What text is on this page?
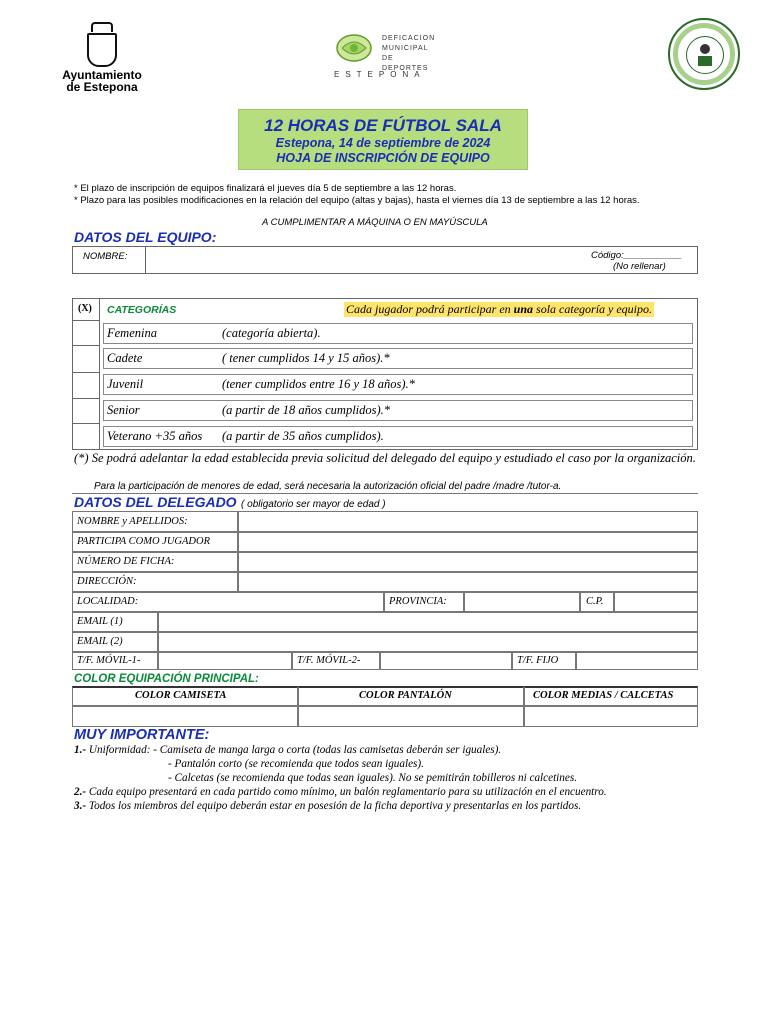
Ayuntamiento
de Estepona
DEFICACION
MUNICIPAL
DE DEPORTES
ESTEPONA
12 HORAS DE FÚTBOL SALA
Estepona, 14 de septiembre de 2024
HOJA DE INSCRIPCIÓN DE EQUIPO
* El plazo de inscripción de equipos finalizará el jueves día 5 de septiembre a las 12 horas.
* Plazo para las posibles modificaciones en la relación del equipo (altas y bajas), hasta el viernes día 13 de septiembre a las 12 horas.
A CUMPLIMENTAR A MÁQUINA O EN MAYÚSCULA
DATOS DEL EQUIPO:
NOMBRE:	Código:___________
(No rellenar)
(X) CATEGORÍAS	Cada jugador podrá participar en una sola categoría y equipo.
Femenina	(categoría abierta).
Cadete	( tener cumplidos 14 y 15 años).*
Juvenil	(tener cumplidos entre 16 y 18 años).*
Senior	(a partir de 18 años cumplidos).*
Veterano +35 años (a partir de 35 años cumplidos).
(*) Se podrá adelantar la edad establecida previa solicitud del delegado del equipo y estudiado el caso por la organización.
Para la participación de menores de edad, será necesaria la autorización oficial del padre /madre /tutor-a.
DATOS DEL DELEGADO ( obligatorio ser mayor de edad )
NOMBRE y APELLIDOS:
PARTICIPA COMO JUGADOR
NÚMERO DE FICHA:
DIRECCIÓN:
LOCALIDAD:	PROVINCIA:	C.P.
EMAIL (1)
EMAIL (2)
T/F. MÓVIL-1-	T/F. MÓVIL-2-	T/F. FIJO
COLOR EQUIPACIÓN PRINCIPAL:
COLOR CAMISETA	COLOR PANTALÓN	COLOR MEDIAS / CALCETAS
MUY IMPORTANTE:
1.- Uniformidad: - Camiseta de manga larga o corta (todas las camisetas deberán ser iguales).
- Pantalón corto (se recomienda que todos sean iguales).
- Calcetas (se recomienda que todas sean iguales). No se pemitirán tobilleros ni calcetines.
2.- Cada equipo presentará en cada partido como mínimo, un balón reglamentario para su utilización en el encuentro.
3.- Todos los miembros del equipo deberán estar en posesión de la ficha deportiva y presentarlas en los partidos.
